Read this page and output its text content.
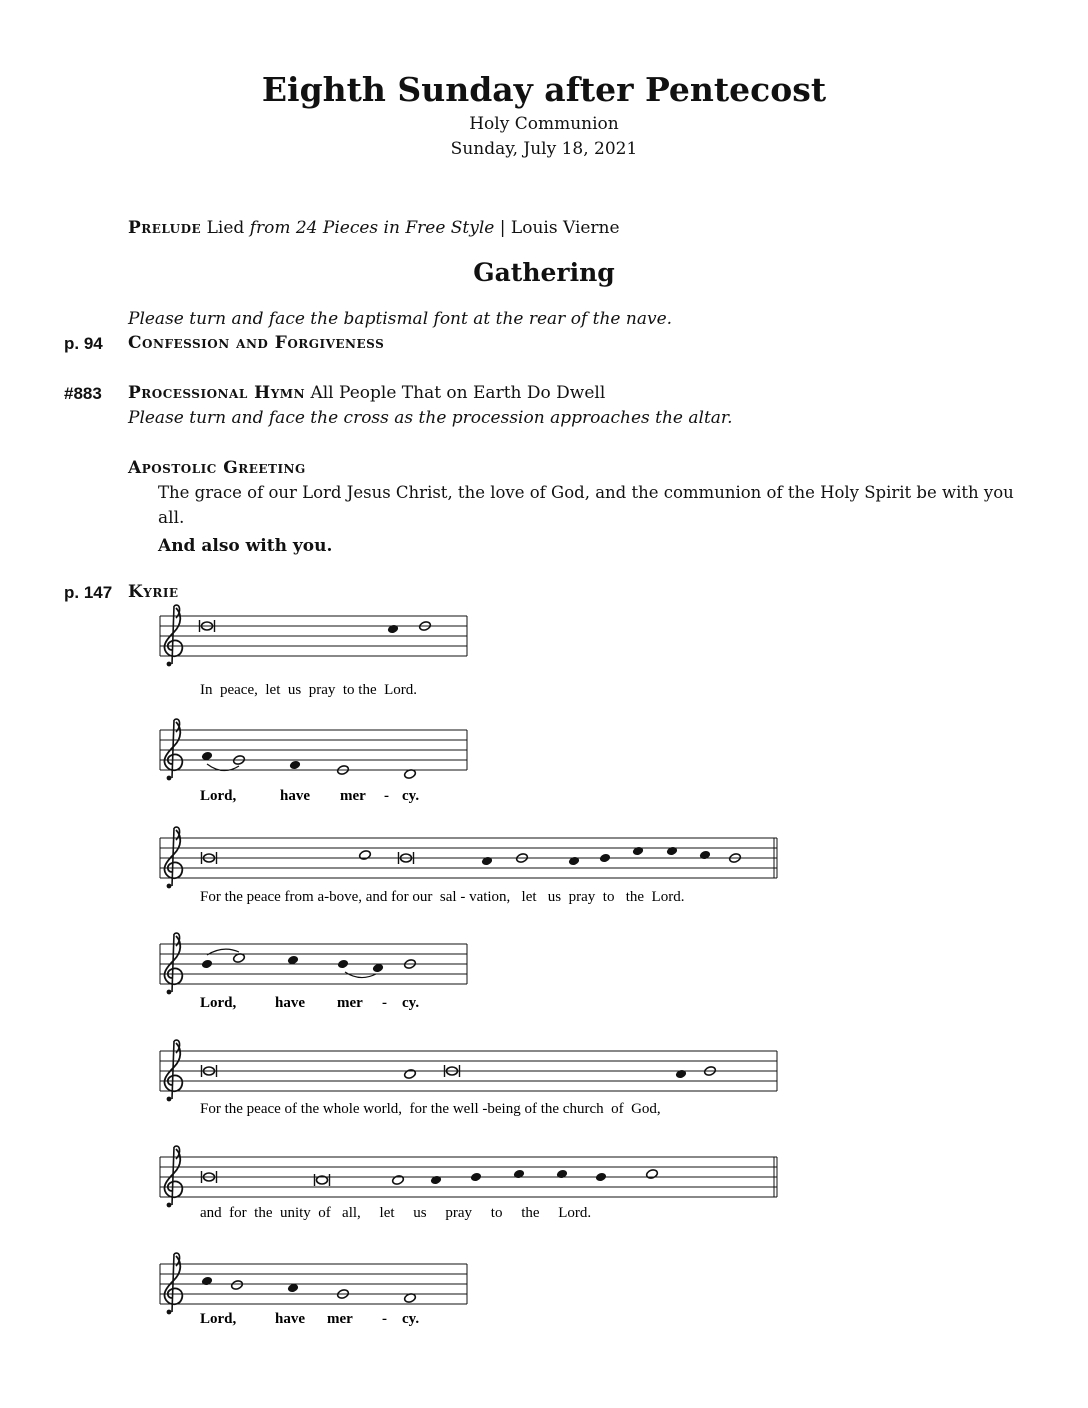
Eighth Sunday after Pentecost
Holy Communion
Sunday, July 18, 2021
Prelude Lied from 24 Pieces in Free Style | Louis Vierne
Gathering
Please turn and face the baptismal font at the rear of the nave.
p. 94 Confession and Forgiveness
#883 Processional Hymn All People That on Earth Do Dwell
Please turn and face the cross as the procession approaches the altar.
Apostolic Greeting
The grace of our Lord Jesus Christ, the love of God, and the communion of the Holy Spirit be with you
all.
And also with you.
p. 147 Kyrie
In  peace,  let  us  pray  to the  Lord.
Lord,	have mer - cy.
For the peace from a-bove, and for our  sal - vation,   let   us  pray  to   the  Lord.
Lord,	have mer - cy.
For the peace of the whole world,  for the well -being of the church  of  God,
and  for  the  unity  of   all,     let     us     pray     to     the     Lord.
Lord,	have mer - cy.
